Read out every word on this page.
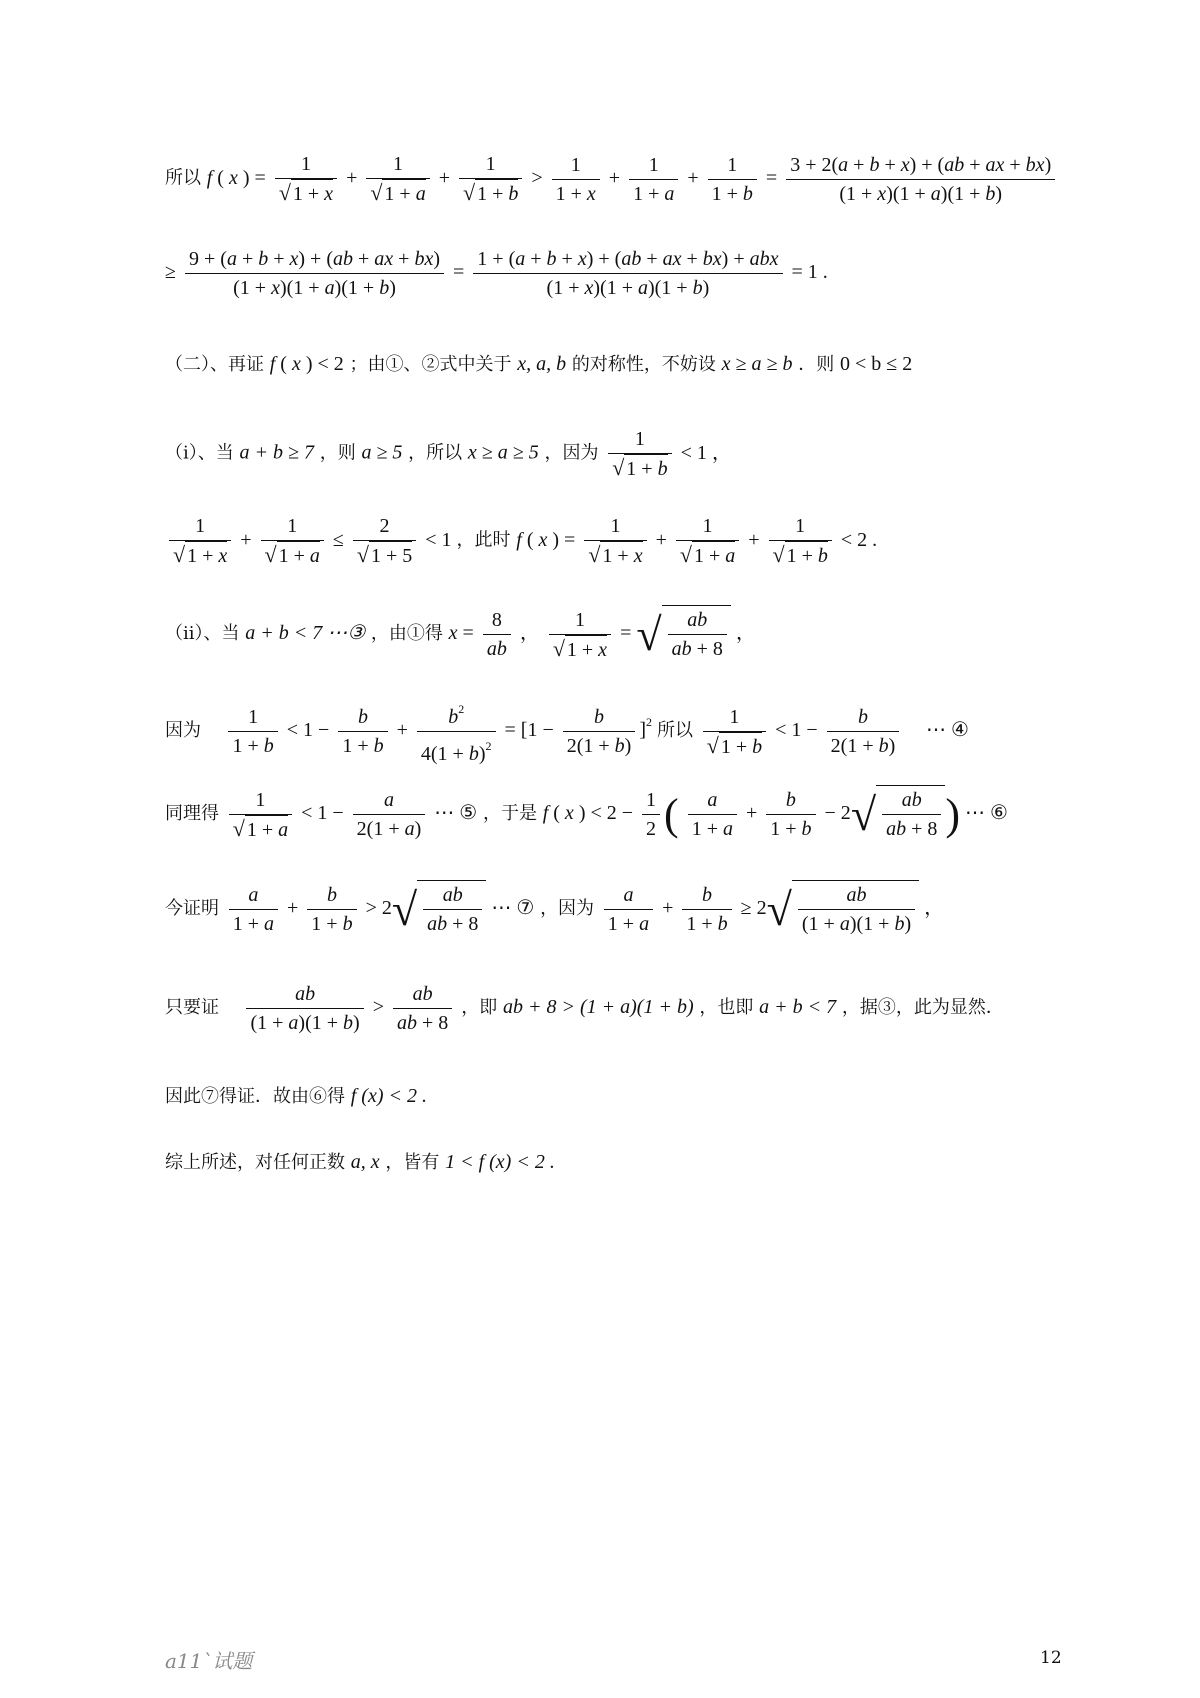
所以 f ( x ) = $\frac{1}{√ 1 + x} + \frac{1}{√ 1 + a} + \frac{1}{√ 1 + b} > \frac{1}{1 + x} + \frac{1}{1 + a} + \frac{1}{1 + b} = \frac{3 + 2(a + b + x) + (ab + ax + bx)}{(1 + x)(1 + a)(1 + b)}$
≥ $\frac{9 + (a + b + x) + (ab + ax + bx)}{(1 + x)(1 + a)(1 + b)} = \frac{\text{1 + (a + b + x) + (ab + ax + bx) + abx}}{(1 + x)(1 + a)(1 + b)} = 1$ .
（二）、再证 f ( x ) < 2 ；由①、②式中关于 x, a, b 的对称性，不妨设 x ≥ a ≥ b ．则 0 < b ≤ 2
（ⅰ）、当 a + b ≥ 7 ，则 a ≥ 5 ，所以 x ≥ a ≥ 5 ，因为 $\frac{1}{√ 1 + b} < 1$ ，
$\frac{1}{√ 1 + x} + \frac{1}{√ 1 + a} \le \frac{2}{√ 1 + 5} < 1$ ，此时 f ( x ) = $\frac{1}{√ 1 + x} + \frac{1}{√ 1 + a} + \frac{1}{√ 1 + b} < 2$ .
（ⅱ）、当 a + b < 7 ⋯③ ，由①得 $x = \frac{8}{ab}$ ， $\frac{1}{√ 1 + x}$ = √ $\frac{ab}{ab + 8}$ ，
因为 $\frac{1}{1 + b} < 1 - \frac{b}{1 + b} + \frac{b^2}{4(1 + b)^2} = [1 - \frac{b}{2(1 + b)} ]^2$ 所以 $\frac{1}{√ 1 + b} < 1 - \frac{b}{2(1 + b)}$ ⋯ ④
同理得 $\frac{1}{√ 1 + a} < 1 - \frac{a}{2(1 + a)}$ ⋯ ⑤ ，于是 f ( x ) < $2 - \frac{1}{2}$ ( $\frac{a}{1 + a} + \frac{b}{1 + b} - 2√ \frac{ab}{ab + 8}$ ) ⋯ ⑥
今证明 $\frac{a}{1 + a} + \frac{b}{1 + b} > 2√ \frac{ab}{ab + 8}$ ⋯ ⑦ ，因为 $\frac{a}{1 + a} + \frac{b}{1 + b} \ge 2√ \frac{ab}{(1 + a)(1 + b)}$ ，
只要证 $\frac{ab}{(1 + a)(1 + b)} > \frac{ab}{ab + 8}$ ，即 ab + 8 > (1 + a)(1 + b) ，也即 a + b < 7 ，据③，此为显然．
因此⑦得证．故由⑥得 f (x) < 2 .
综上所述，对任何正数 a, x ，皆有 1 < f (x) < 2 .
a11`试题	12
